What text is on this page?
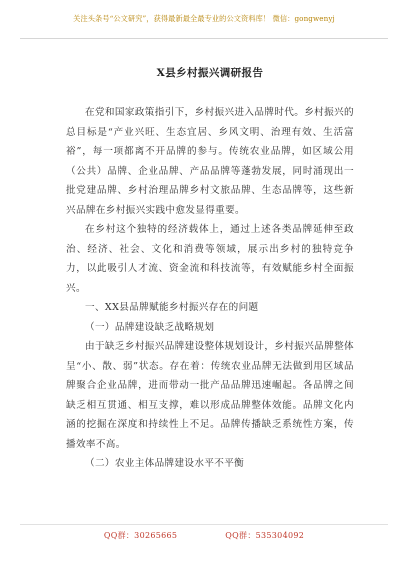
关注头条号“公文研究”，获得最新最全最专业的公文资料库！ 微信：gongwenyj
X县乡村振兴调研报告

在党和国家政策指引下，乡村振兴进入品牌时代。乡村振兴的总目标是“产业兴旺、生态宜居、乡风文明、治理有效、生活富裕”，每一项都离不开品牌的参与。传统农业品牌，如区域公用（公共）品牌、企业品牌、产品品牌等蓬勃发展，同时涌现出一批党建品牌、乡村治理品牌乡村文旅品牌、生态品牌等，这些新兴品牌在乡村振兴实践中愈发显得重要。

在乡村这个独特的经济载体上，通过上述各类品牌延伸至政治、经济、社会、文化和消费等领域，展示出乡村的独特竞争力，以此吸引人才流、资金流和科技流等，有效赋能乡村全面振兴。

一、XX县品牌赋能乡村振兴存在的问题

（一）品牌建设缺乏战略规划

由于缺乏乡村振兴品牌建设整体规划设计，乡村振兴品牌整体呈“小、散、弱”状态。存在着：传统农业品牌无法做到用区域品牌聚合企业品牌，进而带动一批产品品牌迅速崛起。各品牌之间缺乏相互贯通、相互支撑，难以形成品牌整体效能。品牌文化内涵的挖掘在深度和持续性上不足。品牌传播缺乏系统性方案，传播效率不高。

（二）农业主体品牌建设水平不平衡

QQ群：30265665	QQ群：535304092
